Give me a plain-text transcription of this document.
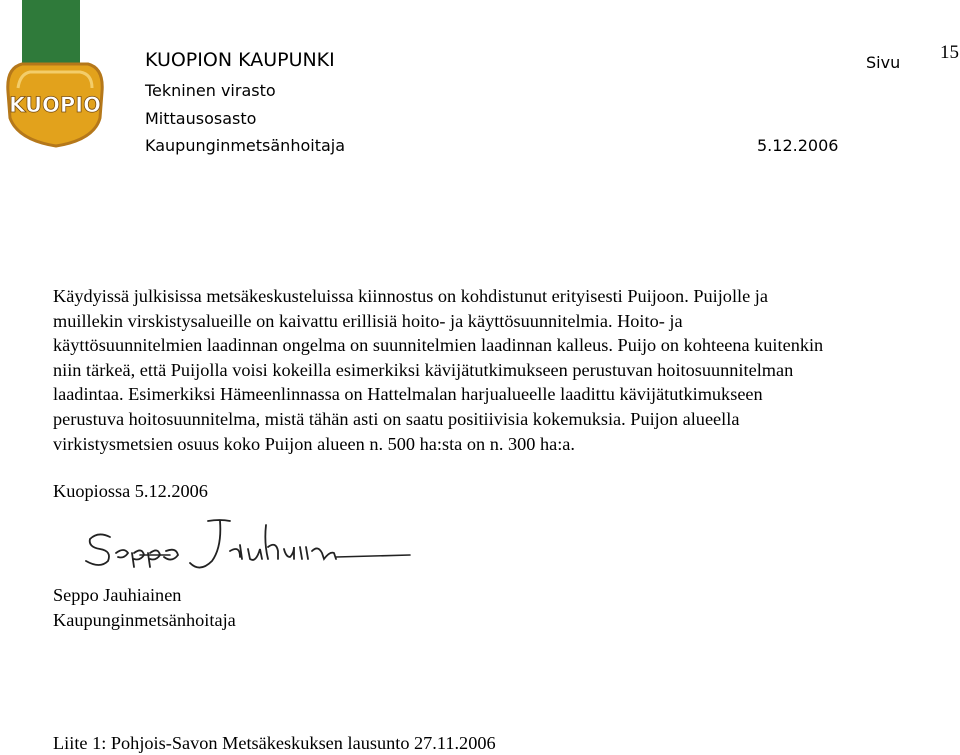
KUOPIO
KUOPION KAUPUNKI
Tekninen virasto
Mittausosasto
Kaupunginmetsänhoitaja	5.12.2006
Sivu 15
Käydyissä julkisissa metsäkeskusteluissa kiinnostus on kohdistunut erityisesti Puijoon. Puijolle ja
muillekin virskistysalueille on kaivattu erillisiä hoito- ja käyttösuunnitelmia. Hoito- ja
käyttösuunnitelmien laadinnan ongelma on suunnitelmien laadinnan kalleus. Puijo on kohteena kuitenkin
niin tärkeä, että Puijolla voisi kokeilla esimerkiksi kävijätutkimukseen perustuvan hoitosuunnitelman
laadintaa. Esimerkiksi Hämeenlinnassa on Hattelmalan harjualueelle laadittu kävijätutkimukseen
perustuva hoitosuunnitelma, mistä tähän asti on saatu positiivisia kokemuksia. Puijon alueella
virkistysmetsien osuus koko Puijon alueen n. 500 ha:sta on n. 300 ha:a.
Kuopiossa 5.12.2006
Seppo Jauhiainen
Kaupunginmetsänhoitaja
Liite 1: Pohjois-Savon Metsäkeskuksen lausunto 27.11.2006
